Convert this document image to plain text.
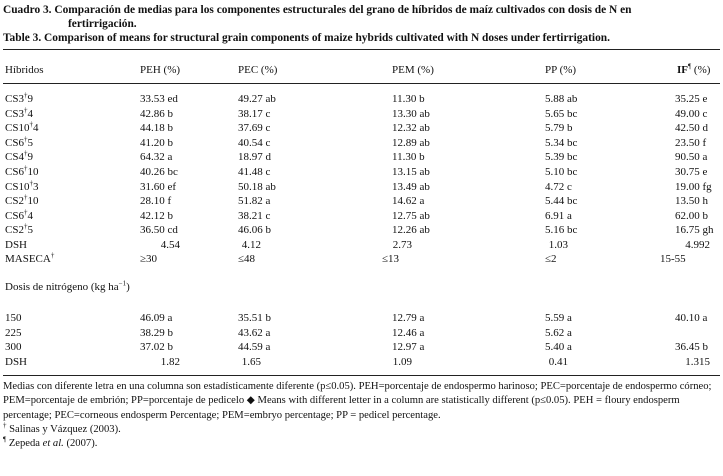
Cuadro 3. Comparación de medias para los componentes estructurales del grano de híbridos de maíz cultivados con dosis de N en
fertirrigación.
Table 3. Comparison of means for structural grain components of maize hybrids cultivated with N doses under fertirrigation.
Híbridos	PEH (%)	PEC (%)	PEM (%)	PP (%)	IF¶ (%)
CS3†9	33.53 ed	49.27 ab	11.30 b	5.88 ab	35.25 e
CS3†4	42.86 b	38.17 c	13.30 ab	5.65 bc	49.00 c
CS10†4	44.18 b	37.69 c	12.32 ab	5.79 b	42.50 d
CS6†5	41.20 b	40.54 c	12.89 ab	5.34 bc	23.50 f
CS4†9	64.32 a	18.97 d	11.30 b	5.39 bc	90.50 a
CS6†10	40.26 bc	41.48 c	13.15 ab	5.10 bc	30.75 e
CS10†3	31.60 ef	50.18 ab	13.49 ab	4.72 c	19.00 fg
CS2†10	28.10 f	51.82 a	14.62 a	5.44 bc	13.50 h
CS6†4	42.12 b	38.21 c	12.75 ab	6.91 a	62.00 b
CS2†5	36.50 cd	46.06 b	12.26 ab	5.16 bc	16.75 gh
DSH	4.54	4.12	2.73	1.03	4.992
MASECA†	≥30	≤48	≤13	≤2	15-55
Dosis de nitrógeno (kg $ha^{-1}$)
150	46.09 a	35.51 b	12.79 a	5.59 a	40.10 a
225	38.29 b	43.62 a	12.46 a	5.62 a
300	37.02 b	44.59 a	12.97 a	5.40 a	36.45 b
DSH	1.82	1.65	1.09	0.41	1.315

Medias con diferente letra en una columna son estadísticamente diferente (p≤0.05). PEH=porcentaje de endospermo harinoso; PEC=porcentaje de endospermo córneo; PEM=porcentaje de embrión; PP=porcentaje de pedicelo ◆ Means with different letter in a column are statistically different (p≤0.05). PEH = floury endosperm percentage; PEC=corneous endosperm Percentage; PEM=embryo percentage; PP = pedicel percentage.

† Salinas y Vázquez (2003).

¶ Zepeda et al. (2007).
